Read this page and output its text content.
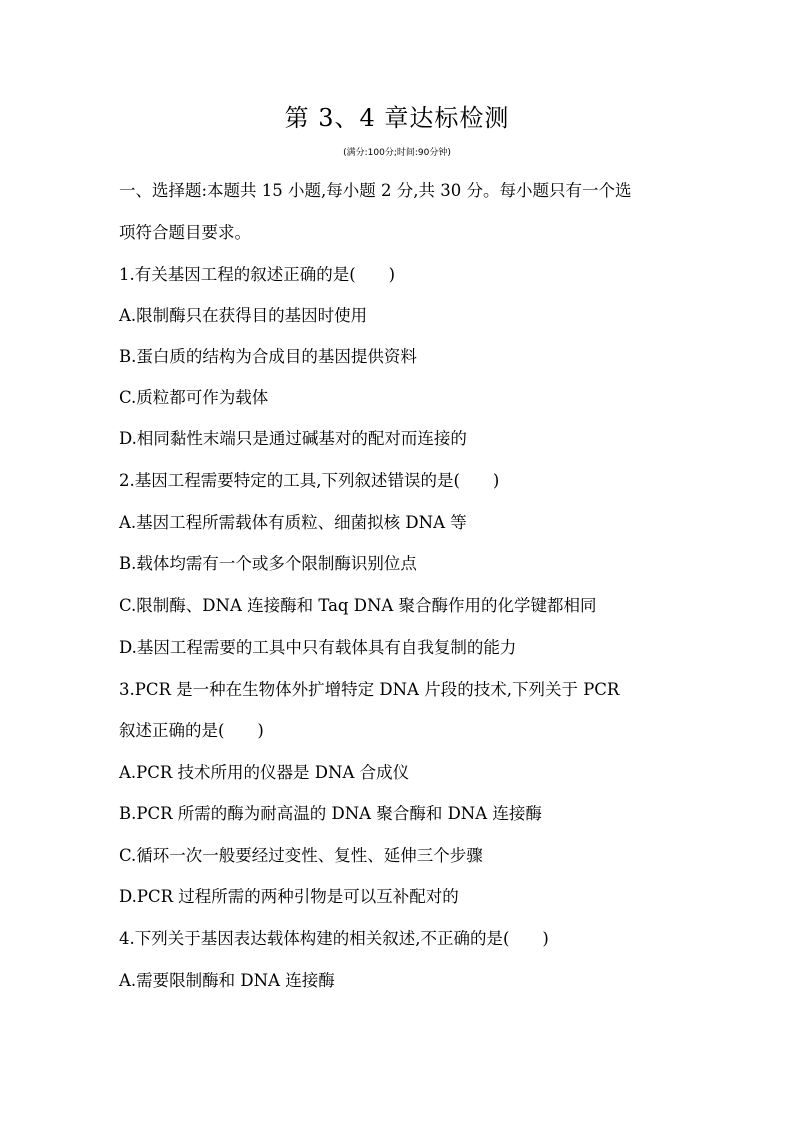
第 3、4 章达标检测
(满分:100分;时间:90分钟)
一、选择题:本题共 15 小题,每小题 2 分,共 30 分。每小题只有一个选
项符合题目要求。
1.有关基因工程的叙述正确的是(　　)
A.限制酶只在获得目的基因时使用
B.蛋白质的结构为合成目的基因提供资料
C.质粒都可作为载体
D.相同黏性末端只是通过碱基对的配对而连接的
2.基因工程需要特定的工具,下列叙述错误的是(　　)
A.基因工程所需载体有质粒、细菌拟核 DNA 等
B.载体均需有一个或多个限制酶识别位点
C.限制酶、DNA 连接酶和 Taq DNA 聚合酶作用的化学键都相同
D.基因工程需要的工具中只有载体具有自我复制的能力
3.PCR 是一种在生物体外扩增特定 DNA 片段的技术,下列关于 PCR
叙述正确的是(　　)
A.PCR 技术所用的仪器是 DNA 合成仪
B.PCR 所需的酶为耐高温的 DNA 聚合酶和 DNA 连接酶
C.循环一次一般要经过变性、复性、延伸三个步骤
D.PCR 过程所需的两种引物是可以互补配对的
4.下列关于基因表达载体构建的相关叙述,不正确的是(　　)
A.需要限制酶和 DNA 连接酶
